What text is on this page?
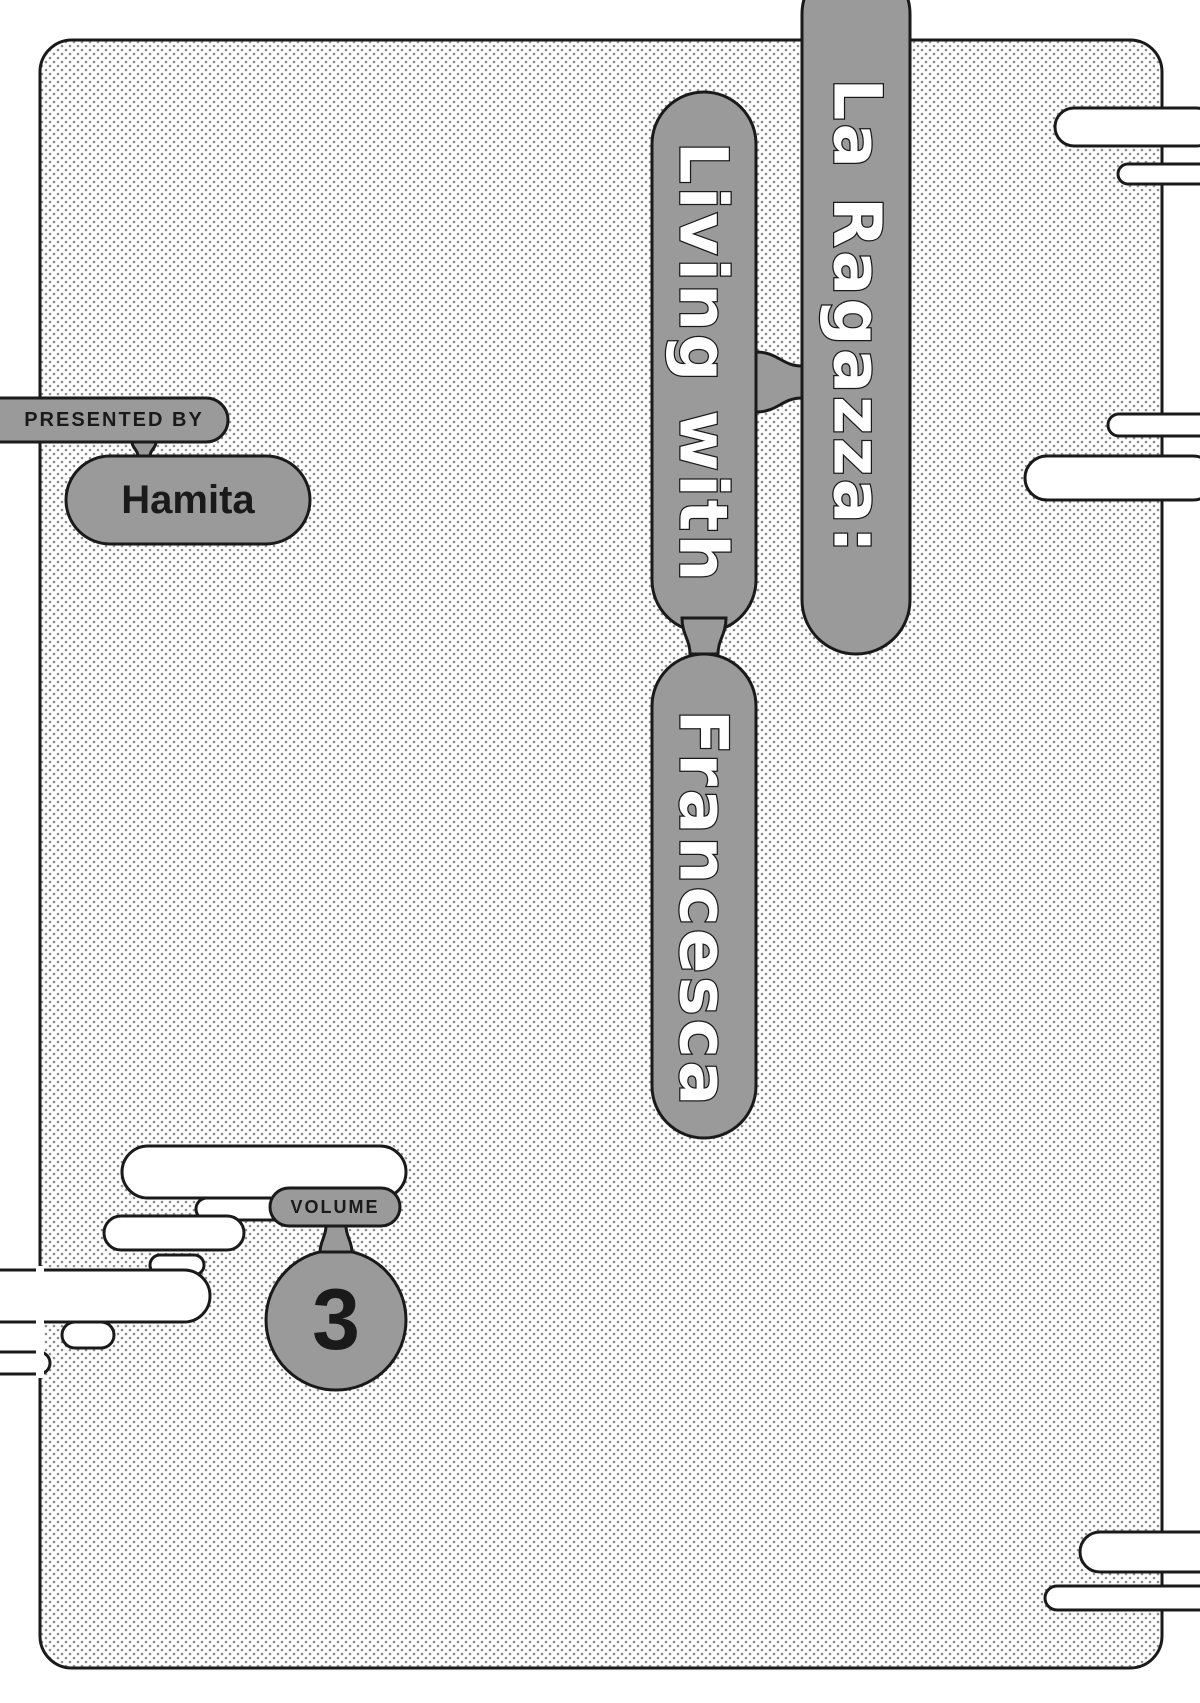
La Ragazza:
Living with
Francesca
PRESENTED BY
Hamita
VOLUME
3
